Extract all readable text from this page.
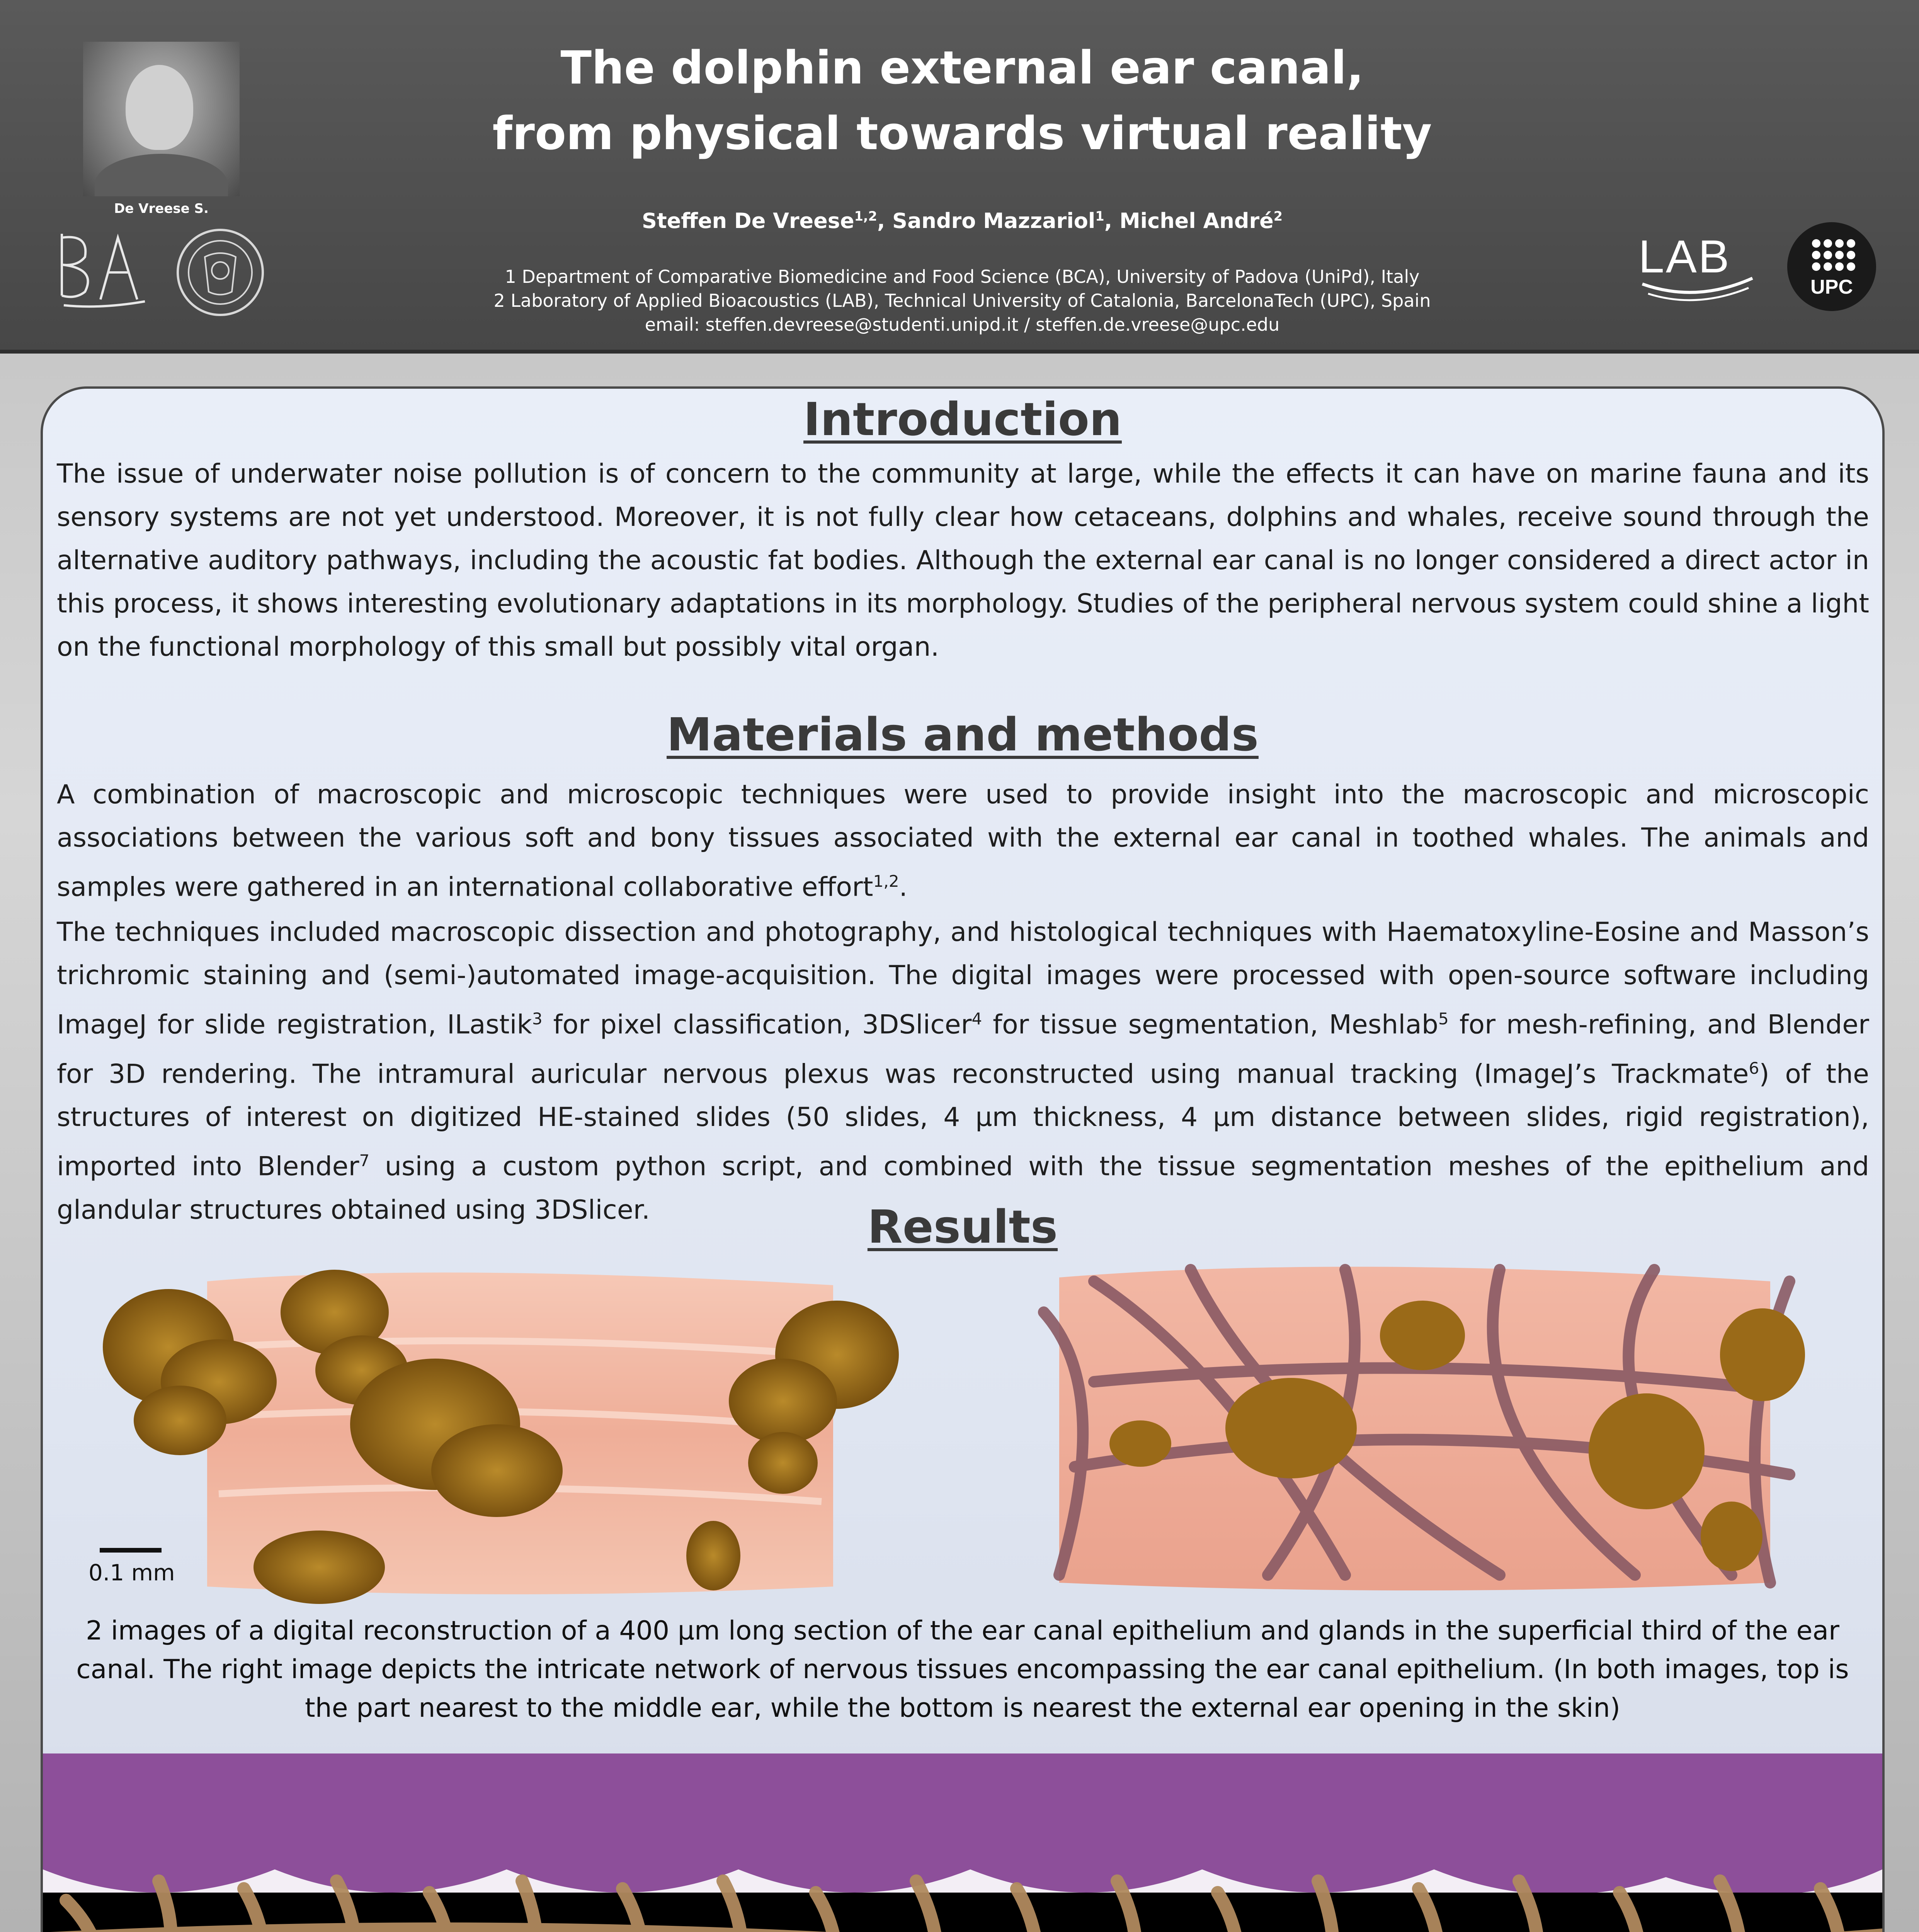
De Vreese S.
The dolphin external ear canal,
from physical towards virtual reality
Steffen De Vreese$^{1,2}$, Sandro Mazzariol$^1$, Michel André$^2$
1 Department of Comparative Biomedicine and Food Science (BCA), University of Padova (UniPd), Italy
2 Laboratory of Applied Bioacoustics (LAB), Technical University of Catalonia, BarcelonaTech (UPC), Spain
email: steffen.devreese@studenti.unipd.it / steffen.de.vreese@upc.edu
LAB
UPC
Introduction

The issue of underwater noise pollution is of concern to the community at large, while the effects it can have on marine fauna and its sensory systems are not yet understood. Moreover, it is not fully clear how cetaceans, dolphins and whales, receive sound through the alternative auditory pathways, including the acoustic fat bodies. Although the external ear canal is no longer considered a direct actor in this process, it shows interesting evolutionary adaptations in its morphology. Studies of the peripheral nervous system could shine a light on the functional morphology of this small but possibly vital organ.

Materials and methods

A combination of macroscopic and microscopic techniques were used to provide insight into the macroscopic and microscopic associations between the various soft and bony tissues associated with the external ear canal in toothed whales. The animals and samples were gathered in an international collaborative effort$^{1,2}$.

The techniques included macroscopic dissection and photography, and histological techniques with Haematoxyline-Eosine and Masson’s trichromic staining and (semi-)automated image-acquisition. The digital images were processed with open-source software including ImageJ for slide registration, ILastik$^3$ for pixel classification, 3DSlicer$^4$ for tissue segmentation, Meshlab$^5$ for mesh-refining, and Blender for 3D rendering. The intramural auricular nervous plexus was reconstructed using manual tracking (ImageJ’s Trackmate$^6$) of the structures of interest on digitized HE-stained slides (50 slides, 4 µm thickness, 4 µm distance between slides, rigid registration), imported into Blender$^7$ using a custom python script, and combined with the tissue segmentation meshes of the epithelium and glandular structures obtained using 3DSlicer.	Results
0.1 mm

2 images of a digital reconstruction of a 400 µm long section of the ear canal epithelium and glands in the superficial third of the ear canal. The right image depicts the intricate network of nervous tissues encompassing the ear canal epithelium. (In both images, top is the part nearest to the middle ear, while the bottom is nearest the external ear opening in the skin)
